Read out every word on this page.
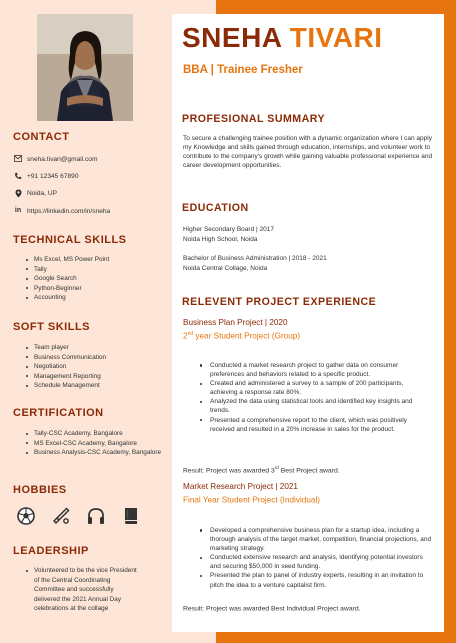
CONTACT
sneha.tivari@gmail.com
+91 12345 67890
Noida, UP
in https://linkedin.com/in/sneha
TECHNICAL SKILLS
Ms Excel, MS Power Point
Tally
Google Search
Python-Beginner
Accounting
SOFT SKILLS
Team player
Business Communication
Negotiation
Management Reporting
Schedule Management
CERTIFICATION
Tally-CSC Academy, Bangalore
MS Excel-CSC Academy, Bangalore
Business Analysis-CSC Academy, Bangalore
HOBBIES
LEADERSHIP
Volunteered to be the vice President of the Central Coordinating Committee and successfully delivered the 2021 Annual Day celebrations at the collage
SNEHA TIVARI
BBA | Trainee Fresher
PROFESIONAL SUMMARY
To secure a challenging trainee position with a dynamic organization where I can apply my Knowledge and skills gained through education, internships, and volunteer work to contribute to the company's growth while gaining valuable professional experience and career development opportunities.
EDUCATION
Higher Secondary Board | 2017
Noida High School, Noida
Bachelor of Business Administration | 2018 - 2021
Noida Central Collage, Noida
RELEVENT PROJECT EXPERIENCE
Business Plan Project | 2020
2nd year Student Project (Group)
Conducted a market research project to gather data on consumer preferences and behaviors related to a specific product.
Created and administered a survey to a sample of 200 participants, achieving a response rate 80%.
Analyzed the data using statistical tools and identified key insights and trends.
Presented a comprehensive report to the client, which was positively received and resulted in a 20% increase in sales for the product.
Result: Project was awarded 3rd Best Project award.
Market Research Project | 2021
Final Year Student Project (Individual)
Developed a comprehensive business plan for a startup idea, including a thorough analysis of the target market, competition, financial projections, and marketing strategy.
Conducted extensive research and analysis, identifying potential investors and securing $50,000 in seed funding.
Presented the plan to panel of industry experts, resulting in an invitation to pitch the idea to a venture capitalist firm.
Result: Project was awarded Best Individual Project award.
